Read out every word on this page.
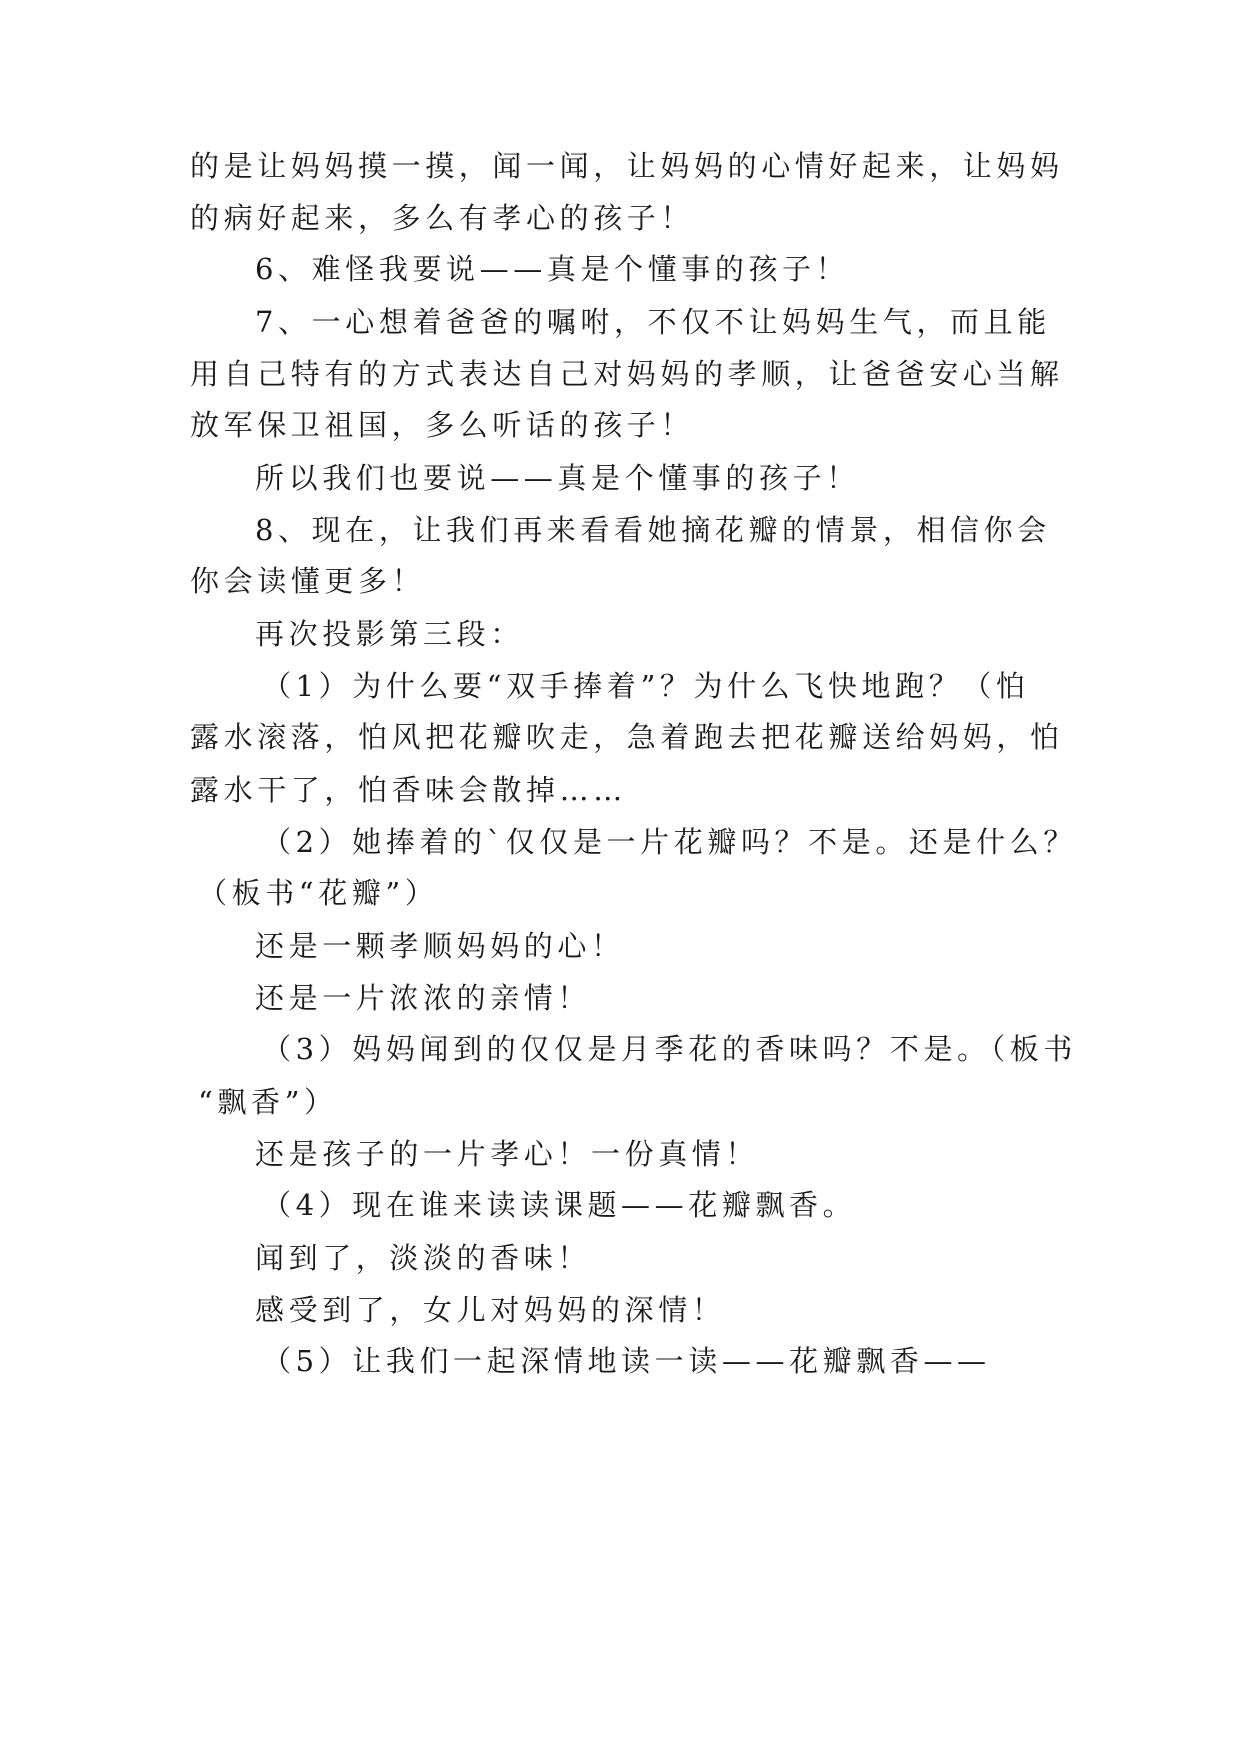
的是让妈妈摸一摸，闻一闻，让妈妈的心情好起来，让妈妈
的病好起来，多么有孝心的孩子！
6、难怪我要说——真是个懂事的孩子！
7、一心想着爸爸的嘱咐，不仅不让妈妈生气，而且能
用自己特有的方式表达自己对妈妈的孝顺，让爸爸安心当解
放军保卫祖国，多么听话的孩子！
所以我们也要说——真是个懂事的孩子！
8、现在，让我们再来看看她摘花瓣的情景，相信你会
你会读懂更多！
再次投影第三段：
（1）为什么要“双手捧着”？为什么飞快地跑？（怕
露水滚落，怕风把花瓣吹走，急着跑去把花瓣送给妈妈，怕
露水干了，怕香味会散掉……
（2）她捧着的`仅仅是一片花瓣吗？不是。还是什么？
（板书“花瓣”）
还是一颗孝顺妈妈的心！
还是一片浓浓的亲情！
（3）妈妈闻到的仅仅是月季花的香味吗？不是。（板书
“飘香”）
还是孩子的一片孝心！一份真情！
（4）现在谁来读读课题——花瓣飘香。
闻到了，淡淡的香味！
感受到了，女儿对妈妈的深情！
（5）让我们一起深情地读一读——花瓣飘香——
